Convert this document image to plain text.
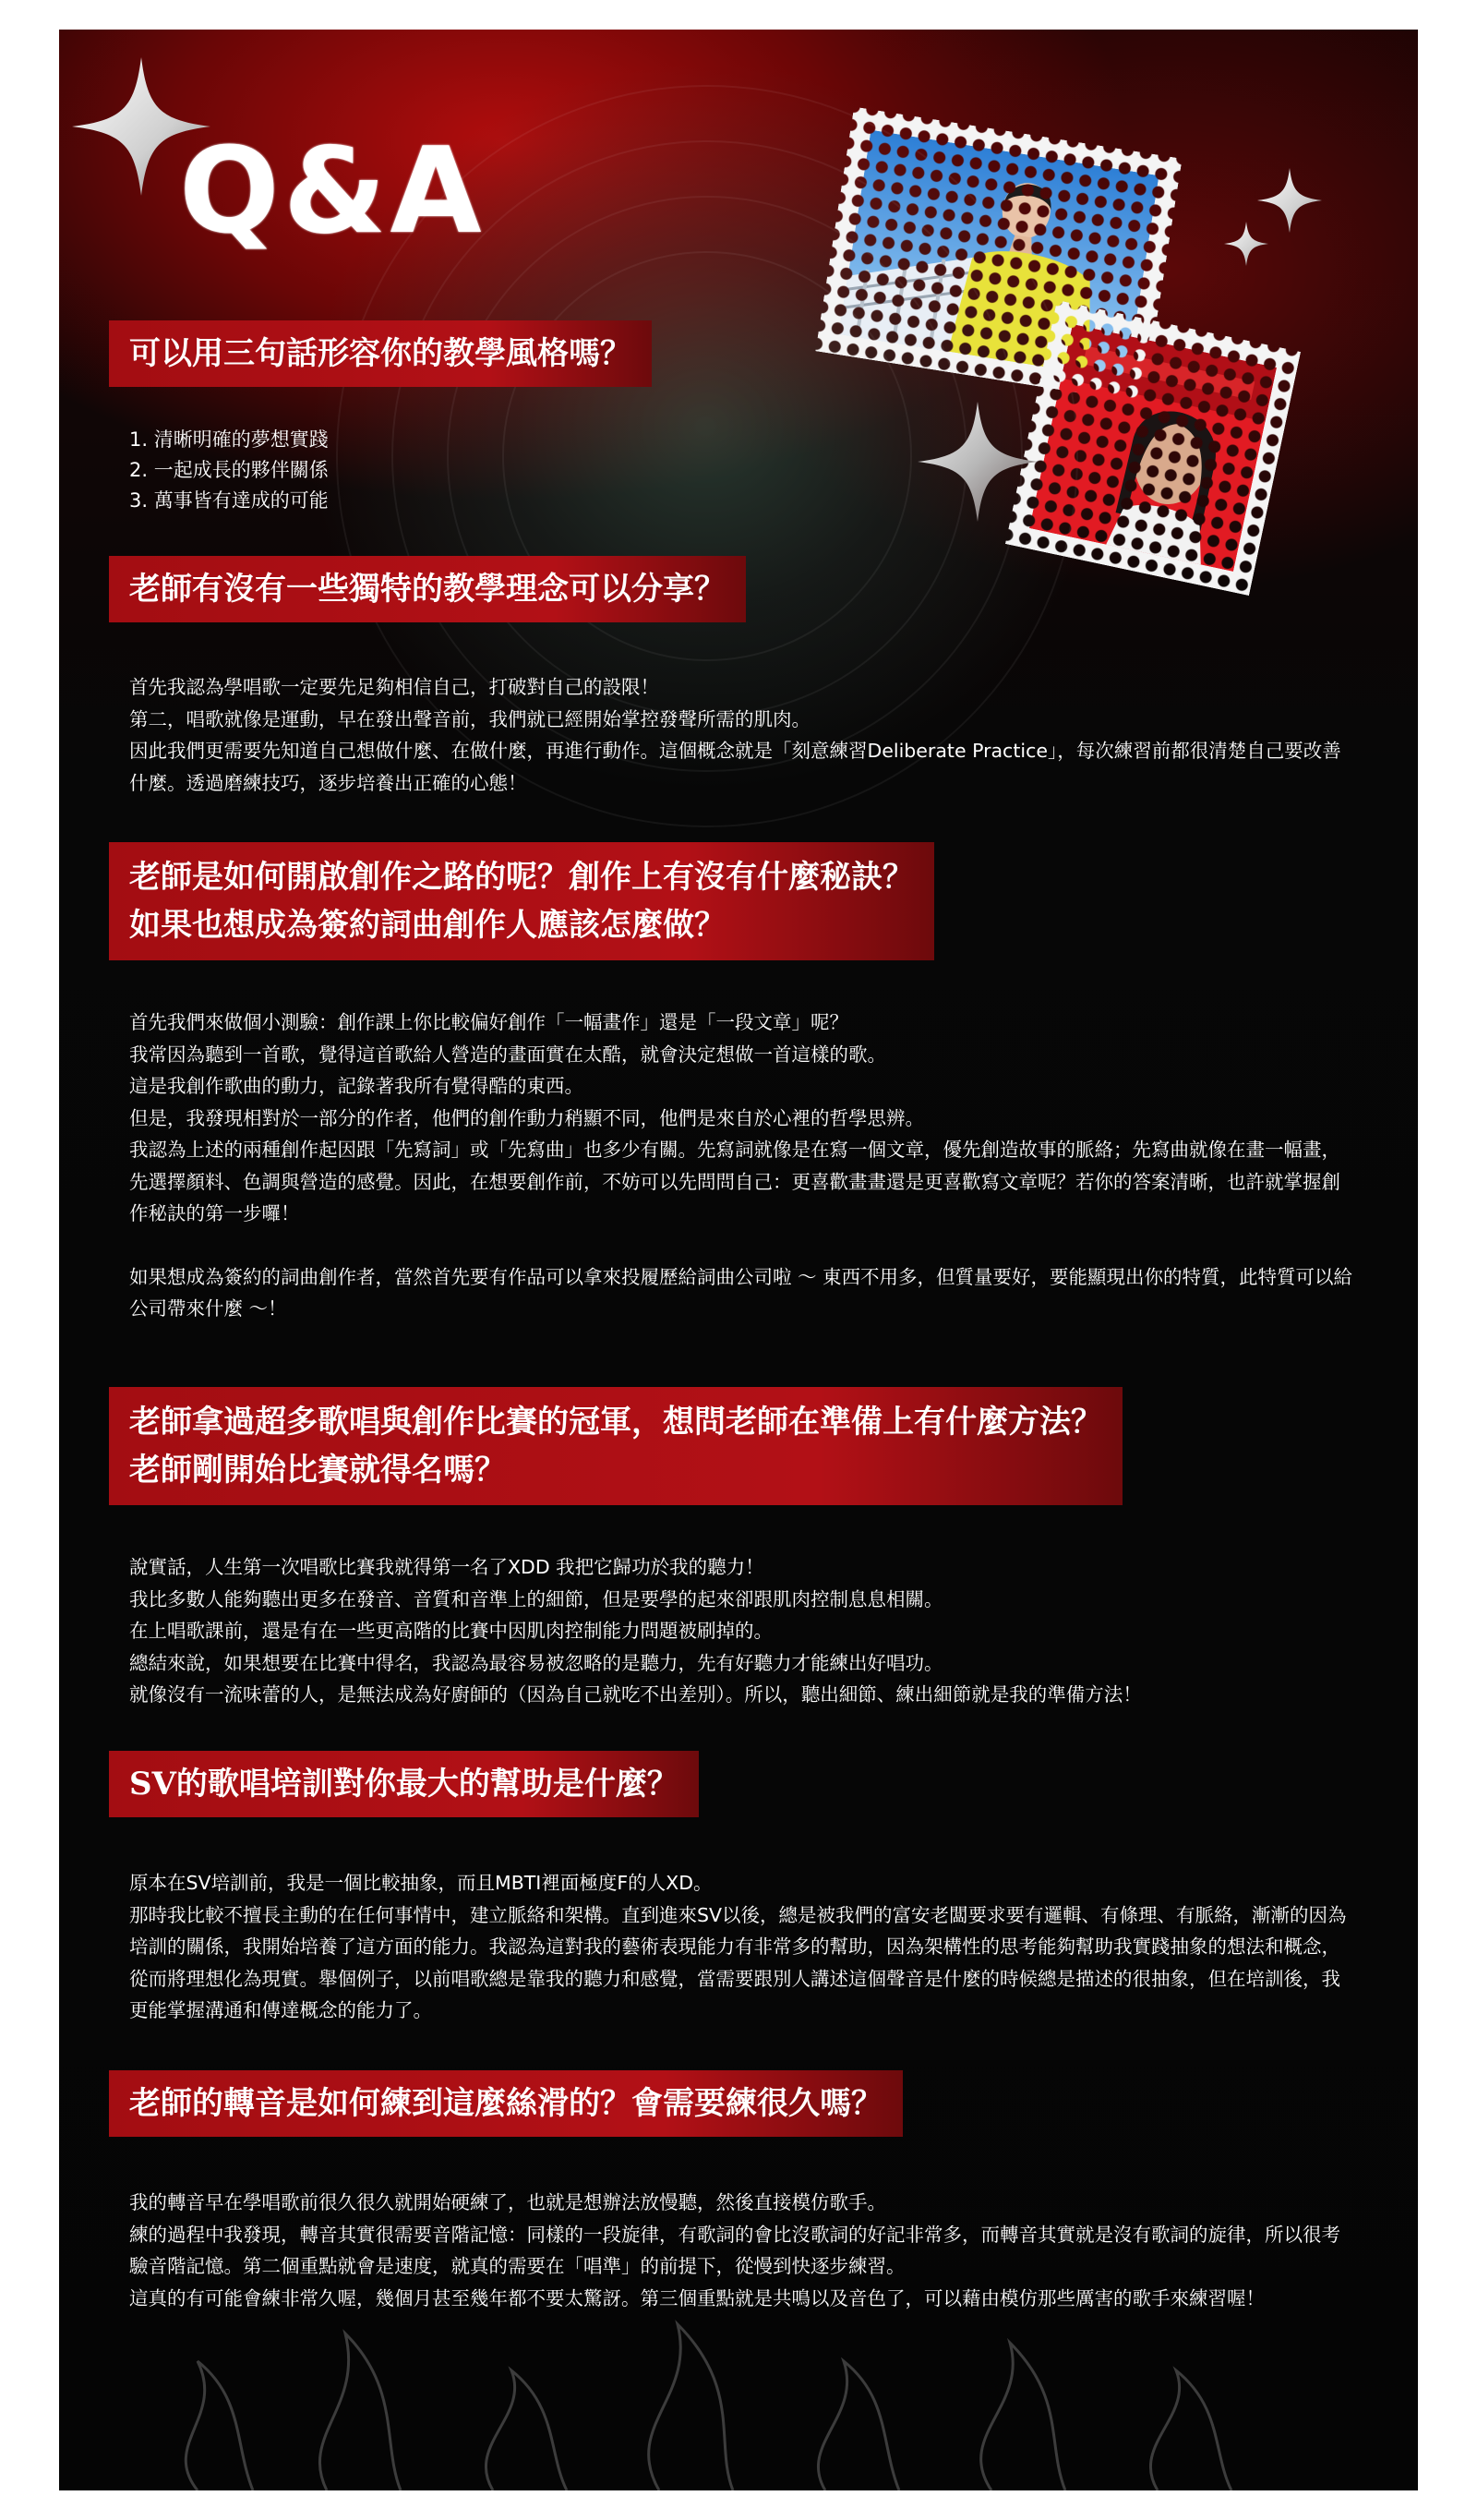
Q&A
可以用三句話形容你的教學風格嗎？

1. 清晰明確的夢想實踐

2. 一起成長的夥伴關係

3. 萬事皆有達成的可能

老師有沒有一些獨特的教學理念可以分享？

首先我認為學唱歌一定要先足夠相信自己，打破對自己的設限！

第二，唱歌就像是運動，早在發出聲音前，我們就已經開始掌控發聲所需的肌肉。

因此我們更需要先知道自己想做什麼、在做什麼，再進行動作。這個概念就是「刻意練習Deliberate Practice」，每次練習前都很清楚自己要改善什麼。透過磨練技巧，逐步培養出正確的心態！

老師是如何開啟創作之路的呢？創作上有沒有什麼秘訣？
如果也想成為簽約詞曲創作人應該怎麼做？

首先我們來做個小測驗：創作課上你比較偏好創作「一幅畫作」還是「一段文章」呢？

我常因為聽到一首歌，覺得這首歌給人營造的畫面實在太酷，就會決定想做一首這樣的歌。

這是我創作歌曲的動力，記錄著我所有覺得酷的東西。

但是，我發現相對於一部分的作者，他們的創作動力稍顯不同，他們是來自於心裡的哲學思辨。

我認為上述的兩種創作起因跟「先寫詞」或「先寫曲」也多少有關。先寫詞就像是在寫一個文章，優先創造故事的脈絡；先寫曲就像在畫一幅畫，先選擇顏料、色調與營造的感覺。因此，在想要創作前，不妨可以先問問自己：更喜歡畫畫還是更喜歡寫文章呢？若你的答案清晰，也許就掌握創作秘訣的第一步囉！

如果想成為簽約的詞曲創作者，當然首先要有作品可以拿來投履歷給詞曲公司啦 ～ 東西不用多，但質量要好，要能顯現出你的特質，此特質可以給公司帶來什麼 ～！

老師拿過超多歌唱與創作比賽的冠軍，想問老師在準備上有什麼方法？
老師剛開始比賽就得名嗎？

說實話，人生第一次唱歌比賽我就得第一名了XDD 我把它歸功於我的聽力！

我比多數人能夠聽出更多在發音、音質和音準上的細節，但是要學的起來卻跟肌肉控制息息相關。

在上唱歌課前，還是有在一些更高階的比賽中因肌肉控制能力問題被刷掉的。

總結來說，如果想要在比賽中得名，我認為最容易被忽略的是聽力，先有好聽力才能練出好唱功。

就像沒有一流味蕾的人，是無法成為好廚師的（因為自己就吃不出差別）。所以，聽出細節、練出細節就是我的準備方法！

SV的歌唱培訓對你最大的幫助是什麼？

原本在SV培訓前，我是一個比較抽象，而且MBTI裡面極度F的人XD。

那時我比較不擅長主動的在任何事情中，建立脈絡和架構。直到進來SV以後，總是被我們的富安老闆要求要有邏輯、有條理、有脈絡，漸漸的因為培訓的關係，我開始培養了這方面的能力。我認為這對我的藝術表現能力有非常多的幫助，因為架構性的思考能夠幫助我實踐抽象的想法和概念，從而將理想化為現實。舉個例子，以前唱歌總是靠我的聽力和感覺，當需要跟別人講述這個聲音是什麼的時候總是描述的很抽象，但在培訓後，我更能掌握溝通和傳達概念的能力了。

老師的轉音是如何練到這麼絲滑的？會需要練很久嗎？

我的轉音早在學唱歌前很久很久就開始硬練了，也就是想辦法放慢聽，然後直接模仿歌手。

練的過程中我發現，轉音其實很需要音階記憶：同樣的一段旋律，有歌詞的會比沒歌詞的好記非常多，而轉音其實就是沒有歌詞的旋律，所以很考驗音階記憶。第二個重點就會是速度，就真的需要在「唱準」的前提下，從慢到快逐步練習。

這真的有可能會練非常久喔，幾個月甚至幾年都不要太驚訝。第三個重點就是共鳴以及音色了，可以藉由模仿那些厲害的歌手來練習喔！
